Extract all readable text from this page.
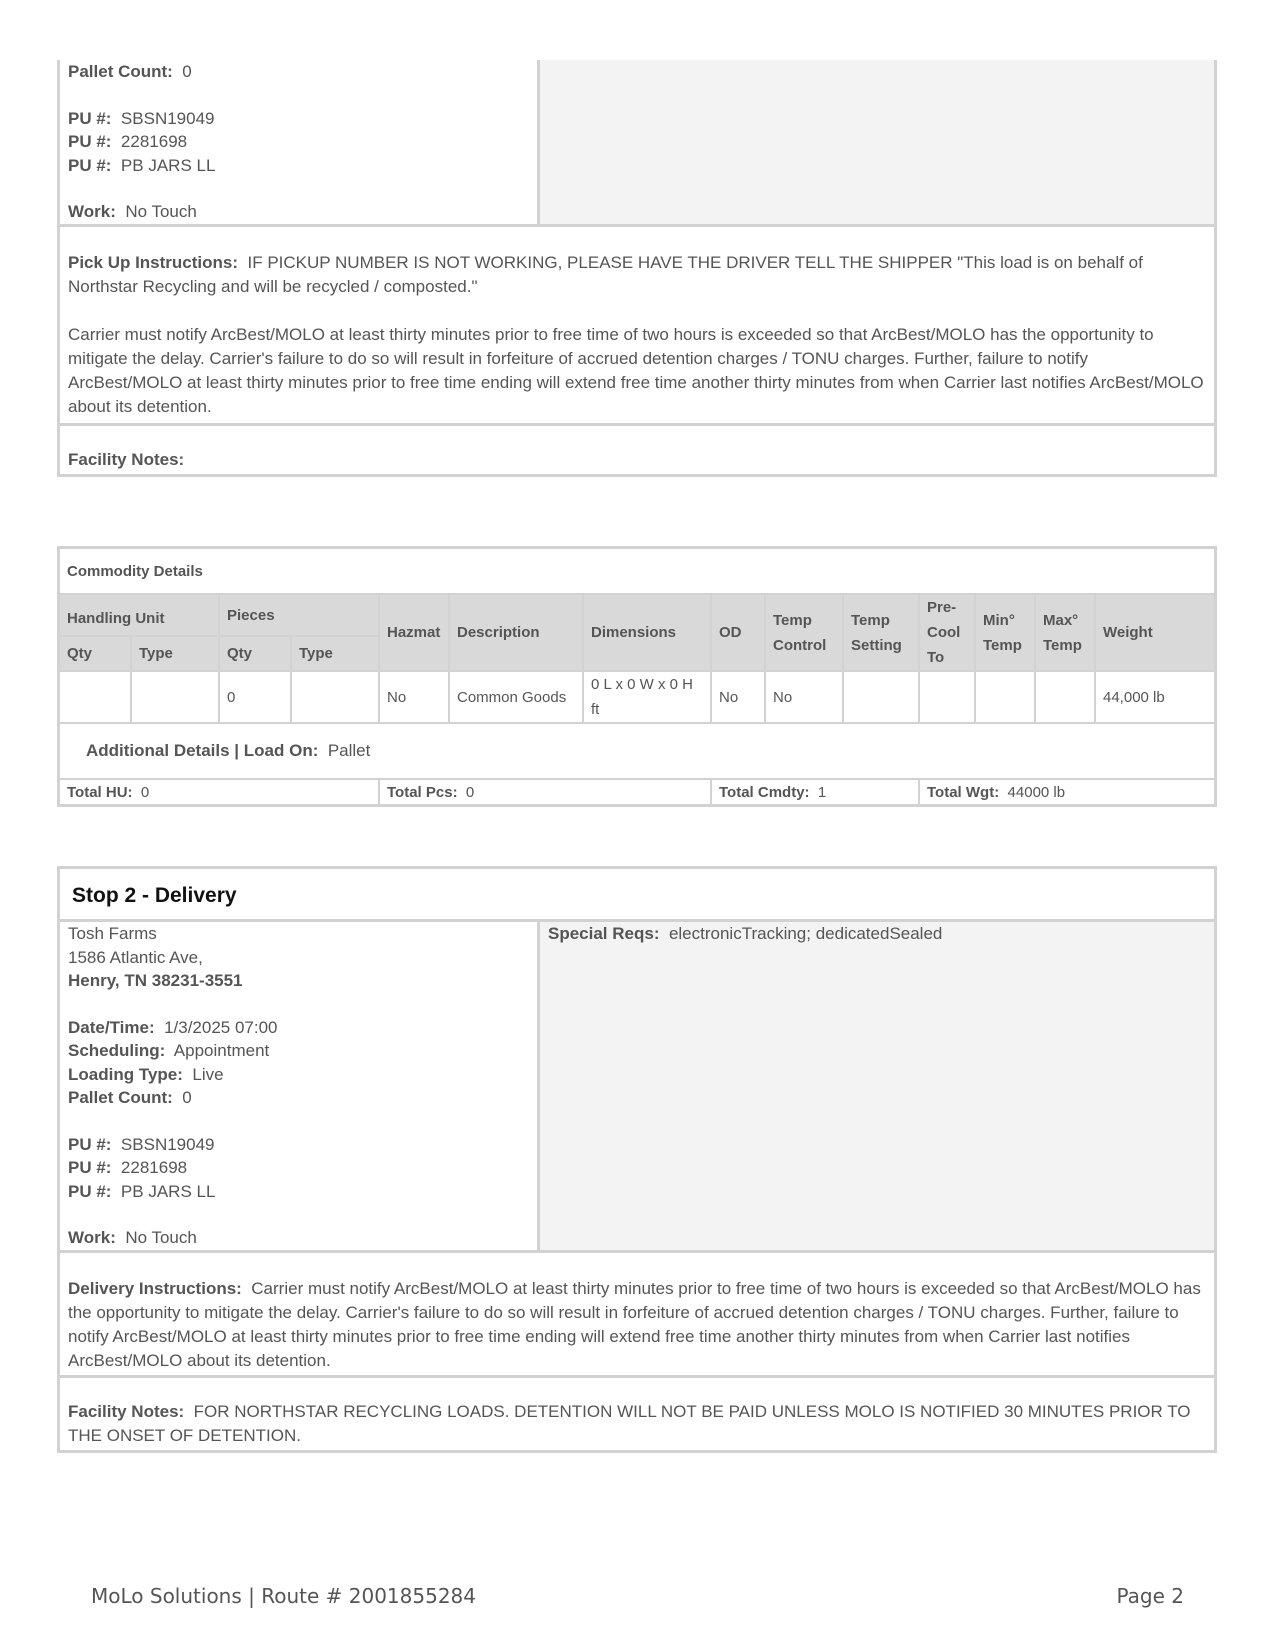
Pallet Count: 0
PU #: SBSN19049
PU #: 2281698
PU #: PB JARS LL
Work: No Touch

Pick Up Instructions: IF PICKUP NUMBER IS NOT WORKING, PLEASE HAVE THE DRIVER TELL THE SHIPPER "This load is on behalf of Northstar Recycling and will be recycled / composted."

Carrier must notify ArcBest/MOLO at least thirty minutes prior to free time of two hours is exceeded so that ArcBest/MOLO has the opportunity to mitigate the delay. Carrier's failure to do so will result in forfeiture of accrued detention charges / TONU charges. Further, failure to notify ArcBest/MOLO at least thirty minutes prior to free time ending will extend free time another thirty minutes from when Carrier last notifies ArcBest/MOLO about its detention.

Facility Notes:
Commodity Details													
Handling Unit		Pieces		Hazmat	Description	Dimensions	OD	Temp Control	Temp Setting	Pre-Cool To	Min° Temp	Max° Temp	Weight
Qty	Type	Qty	Type										
		0		No	Common Goods	0 L x 0 W x 0 H ft	No	No					44,000 lb
Additional Details | Load On: Pallet													
Total HU: 0				Total Pcs: 0			Total Cmdty: 1			Total Wgt: 44000 lb			
Stop 2 - Delivery
Tosh Farms
1586 Atlantic Ave,
Henry, TN 38231-3551
Date/Time: 1/3/2025 07:00
Scheduling: Appointment
Loading Type: Live
Pallet Count: 0
PU #: SBSN19049
PU #: 2281698
PU #: PB JARS LL
Work: No Touch
Special Reqs: electronicTracking; dedicatedSealed

Delivery Instructions: Carrier must notify ArcBest/MOLO at least thirty minutes prior to free time of two hours is exceeded so that ArcBest/MOLO has the opportunity to mitigate the delay. Carrier's failure to do so will result in forfeiture of accrued detention charges / TONU charges. Further, failure to notify ArcBest/MOLO at least thirty minutes prior to free time ending will extend free time another thirty minutes from when Carrier last notifies ArcBest/MOLO about its detention.

Facility Notes: FOR NORTHSTAR RECYCLING LOADS. DETENTION WILL NOT BE PAID UNLESS MOLO IS NOTIFIED 30 MINUTES PRIOR TO THE ONSET OF DETENTION.
MoLo Solutions | Route # 2001855284	Page 2
